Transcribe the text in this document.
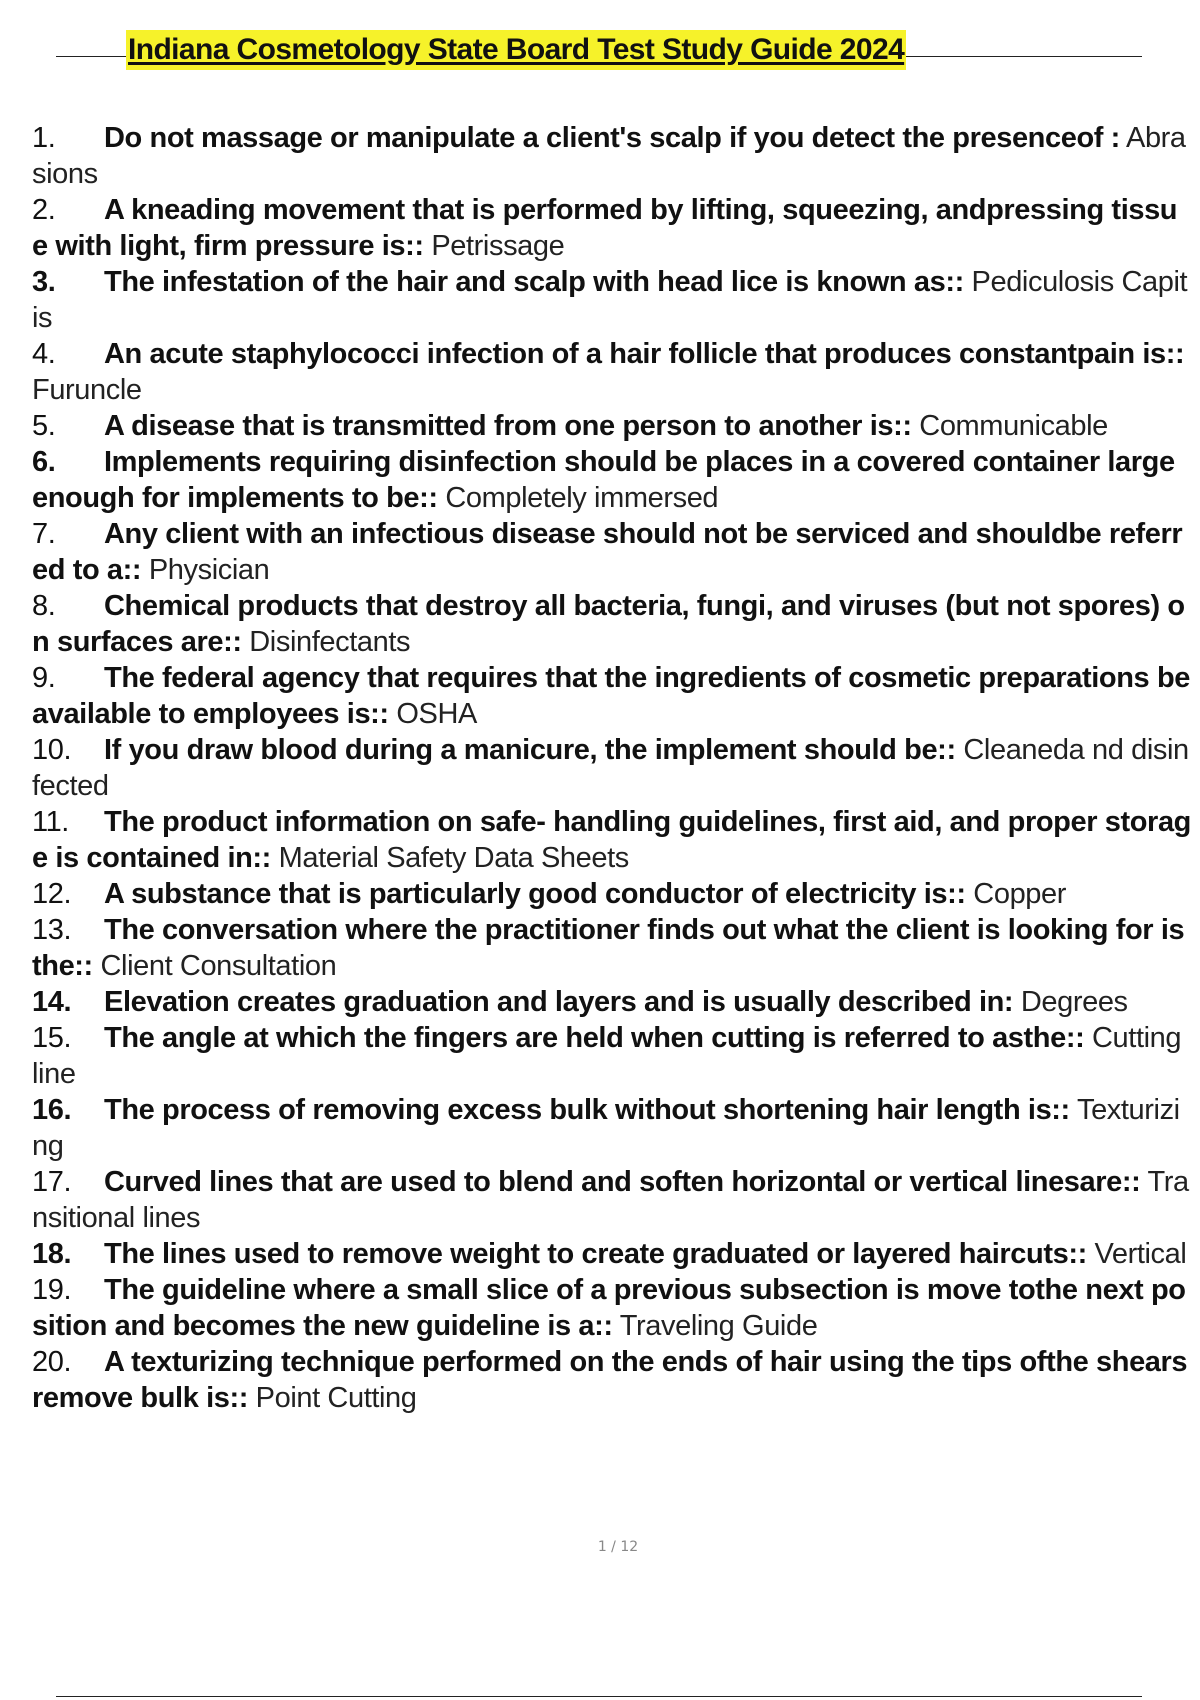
Indiana Cosmetology State Board Test Study Guide 2024
1. Do not massage or manipulate a client's scalp if you detect the presenceof : Abrasions
2. A kneading movement that is performed by lifting, squeezing, andpressing tissue with light, firm pressure is:: Petrissage
3. The infestation of the hair and scalp with head lice is known as:: Pediculosis Capitis
4. An acute staphylococci infection of a hair follicle that produces constantpain is:: Furuncle
5. A disease that is transmitted from one person to another is:: Communicable
6. Implements requiring disinfection should be places in a covered container large enough for implements to be:: Completely immersed
7. Any client with an infectious disease should not be serviced and shouldbe referred to a:: Physician
8. Chemical products that destroy all bacteria, fungi, and viruses (but not spores) on surfaces are:: Disinfectants
9. The federal agency that requires that the ingredients of cosmetic preparations be available to employees is:: OSHA
10. If you draw blood during a manicure, the implement should be:: Cleaneda nd disinfected
11. The product information on safe- handling guidelines, first aid, and proper storage is contained in:: Material Safety Data Sheets
12. A substance that is particularly good conductor of electricity is:: Copper
13. The conversation where the practitioner finds out what the client is looking for is the:: Client Consultation
14. Elevation creates graduation and layers and is usually described in: Degrees
15. The angle at which the fingers are held when cutting is referred to asthe:: Cutting line
16. The process of removing excess bulk without shortening hair length is:: Texturizing
17. Curved lines that are used to blend and soften horizontal or vertical linesare:: Transitional lines
18. The lines used to remove weight to create graduated or layered haircuts:: Vertical
19. The guideline where a small slice of a previous subsection is move tothe next position and becomes the new guideline is a:: Traveling Guide
20. A texturizing technique performed on the ends of hair using the tips ofthe shears remove bulk is:: Point Cutting
1 / 12
